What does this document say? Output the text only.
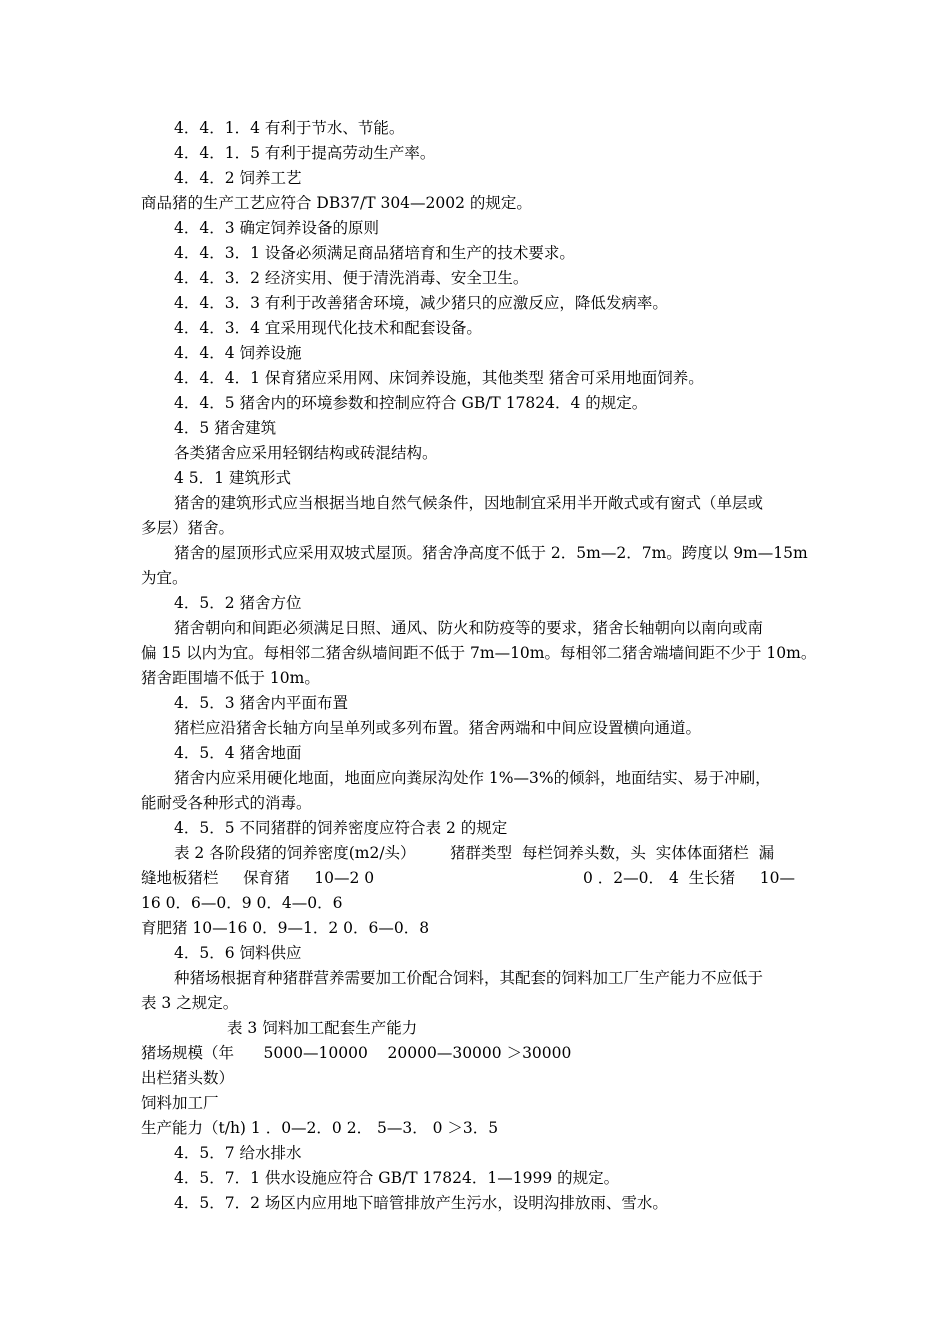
4．4．1．4 有利于节水、节能。
4．4．1．5 有利于提高劳动生产率。
4．4．2 饲养工艺
商品猪的生产工艺应符合 DB37/T 304—2002 的规定。
4．4．3 确定饲养设备的原则
4．4．3．1 设备必须满足商品猪培育和生产的技术要求。
4．4．3．2 经济实用、便于清洗消毒、安全卫生。
4．4．3．3 有利于改善猪舍环境，减少猪只的应激反应，降低发病率。
4．4．3．4 宜采用现代化技术和配套设备。
4．4．4 饲养设施
4．4．4．1 保育猪应采用网、床饲养设施，其他类型 猪舍可采用地面饲养。
4．4．5 猪舍内的环境参数和控制应符合 GB/T 17824．4 的规定。
4．5 猪舍建筑
各类猪舍应采用轻钢结构或砖混结构。
4 5．1 建筑形式
猪舍的建筑形式应当根据当地自然气候条件，因地制宜采用半开敞式或有窗式（单层或
多层）猪舍。
猪舍的屋顶形式应采用双坡式屋顶。猪舍净高度不低于 2．5m—2．7m。跨度以 9m—15m
为宜。
4．5．2 猪舍方位
猪舍朝向和间距必须满足日照、通风、防火和防疫等的要求，猪舍长轴朝向以南向或南
偏 15 以内为宜。每相邻二猪舍纵墙间距不低于 7m—10m。每相邻二猪舍端墙间距不少于 10m。
猪舍距围墙不低于 10m。
4．5．3 猪舍内平面布置
猪栏应沿猪舍长轴方向呈单列或多列布置。猪舍两端和中间应设置横向通道。
4．5．4 猪舍地面
猪舍内应采用硬化地面，地面应向粪尿沟处作 1%—3%的倾斜，地面结实、易于冲刷，
能耐受各种形式的消毒。
4．5．5 不同猪群的饲养密度应符合表 2 的规定
表 2 各阶段猪的饲养密度(m2/头）       猪群类型  每栏饲养头数，头  实体体面猪栏  漏
缝地板猪栏     保育猪     10—2 0	0 ．2—0． 4  生长猪     10—
16 0．6—0．9 0．4—0．6
育肥猪 10—16 0．9—1．2 0．6—0．8
4．5．6 饲料供应
种猪场根据育种猪群营养需要加工价配合饲料，其配套的饲料加工厂生产能力不应低于
表 3 之规定。
表 3 饲料加工配套生产能力
猪场规模（年      5000—10000    20000—30000 ＞30000
出栏猪头数）
饲料加工厂
生产能力（t/h) 1 ．0—2．0 2． 5—3． 0 ＞3．5
4．5．7 给水排水
4．5．7．1 供水设施应符合 GB/T 17824．1—1999 的规定。
4．5．7．2 场区内应用地下暗管排放产生污水，设明沟排放雨、雪水。
